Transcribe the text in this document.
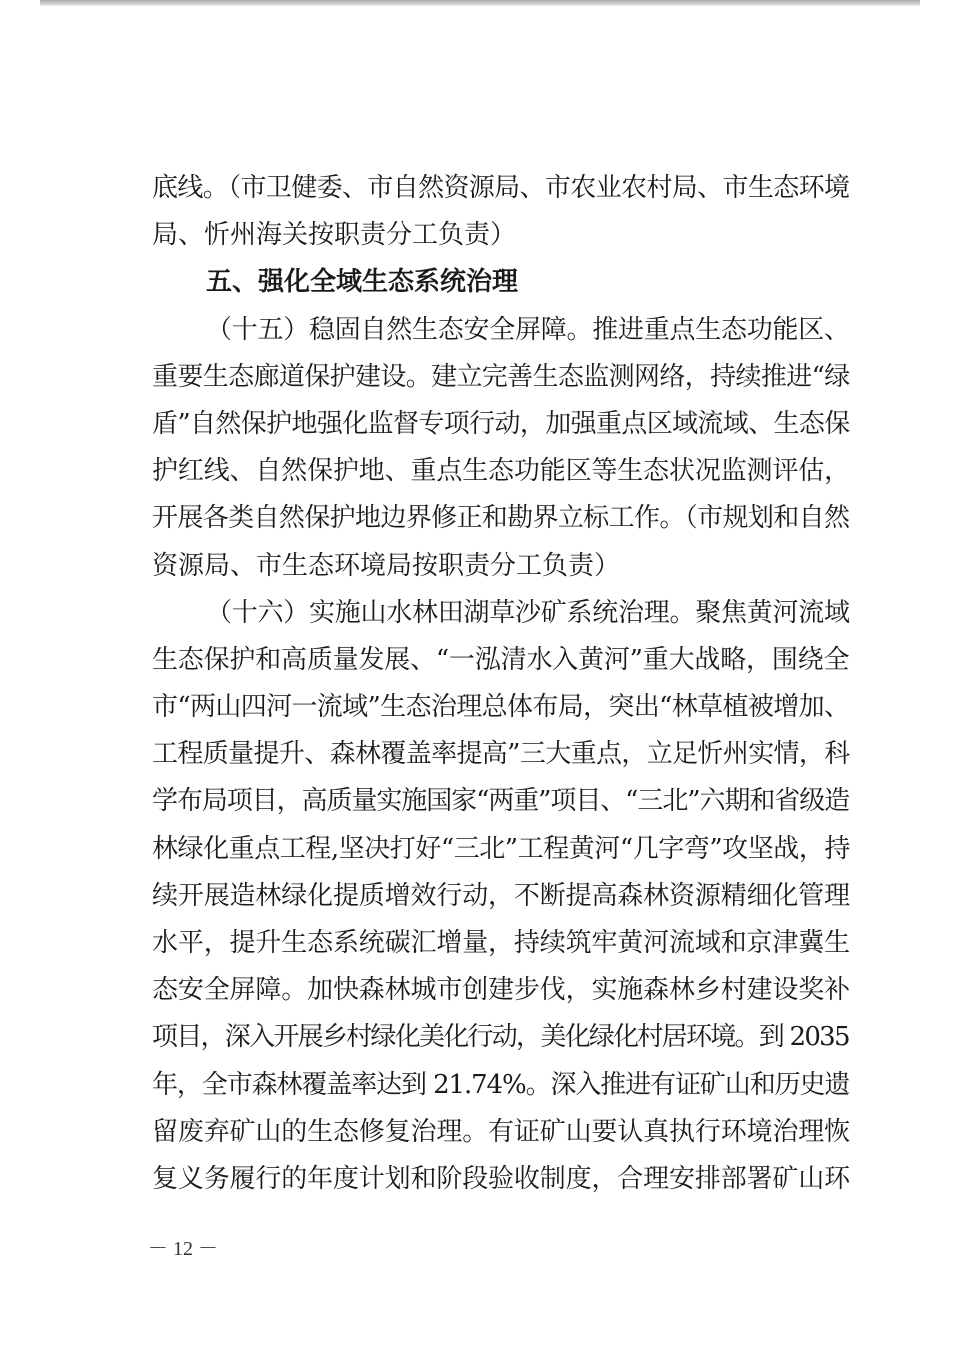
底线。（市卫健委、市自然资源局、市农业农村局、市生态环境
局、忻州海关按职责分工负责）
五、强化全域生态系统治理
（十五）稳固自然生态安全屏障。推进重点生态功能区、
重要生态廊道保护建设。建立完善生态监测网络，持续推进“绿
盾”自然保护地强化监督专项行动，加强重点区域流域、生态保
护红线、自然保护地、重点生态功能区等生态状况监测评估，
开展各类自然保护地边界修正和勘界立标工作。（市规划和自然
资源局、市生态环境局按职责分工负责）
（十六）实施山水林田湖草沙矿系统治理。聚焦黄河流域
生态保护和高质量发展、“一泓清水入黄河”重大战略，围绕全
市“两山四河一流域”生态治理总体布局，突出“林草植被增加、
工程质量提升、森林覆盖率提高”三大重点，立足忻州实情，科
学布局项目，高质量实施国家“两重”项目、“三北”六期和省级造
林绿化重点工程,坚决打好“三北”工程黄河“几字弯”攻坚战，持
续开展造林绿化提质增效行动，不断提高森林资源精细化管理
水平，提升生态系统碳汇增量，持续筑牢黄河流域和京津冀生
态安全屏障。加快森林城市创建步伐，实施森林乡村建设奖补
项目，深入开展乡村绿化美化行动，美化绿化村居环境。到 2035
年，全市森林覆盖率达到 21.74%。深入推进有证矿山和历史遗
留废弃矿山的生态修复治理。有证矿山要认真执行环境治理恢
复义务履行的年度计划和阶段验收制度，合理安排部署矿山环
－ 12 －
